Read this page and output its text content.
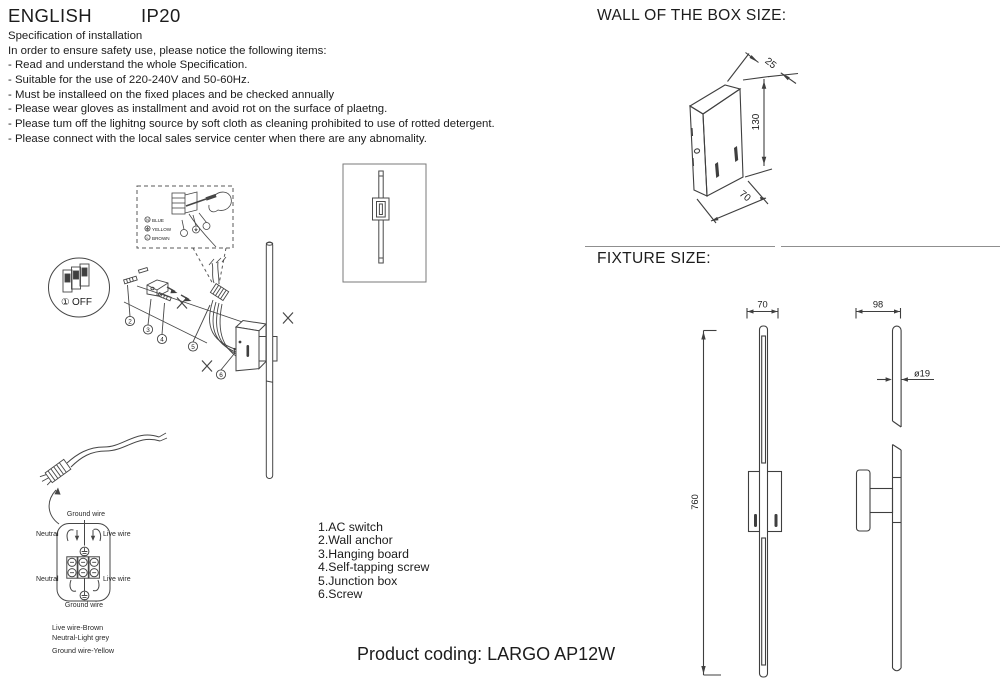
25
130
70
70
760
98
ø19
N
L
① OFF
2
3
4
5
6
ENGLISH	IP20
Specification of installation
In order to ensure safety use, please notice the following items:
- Read and understand the whole Specification.
- Suitable for the use of 220-240V and 50-60Hz.
- Must be installeed on the fixed places and be checked annually
- Please wear gloves as installment and avoid rot on the surface of plaetng.
- Please tum off the lighitng source by soft cloth as cleaning prohibited to use of rotted detergent.
- Please connect with the local sales service center when there are any abnomality.
WALL OF THE BOX SIZE:
FIXTURE SIZE:
1.AC switch
2.Wall anchor
3.Hanging board
4.Self-tapping screw
5.Junction box
6.Screw
Product coding: LARGO AP12W
Ground wire
Neutral	Live wire
Neutral	Live wire
Ground wire
Live wire-Brown
Neutral-Light grey
Ground wire-Yellow
BLUE
YELLOW
BROWN
